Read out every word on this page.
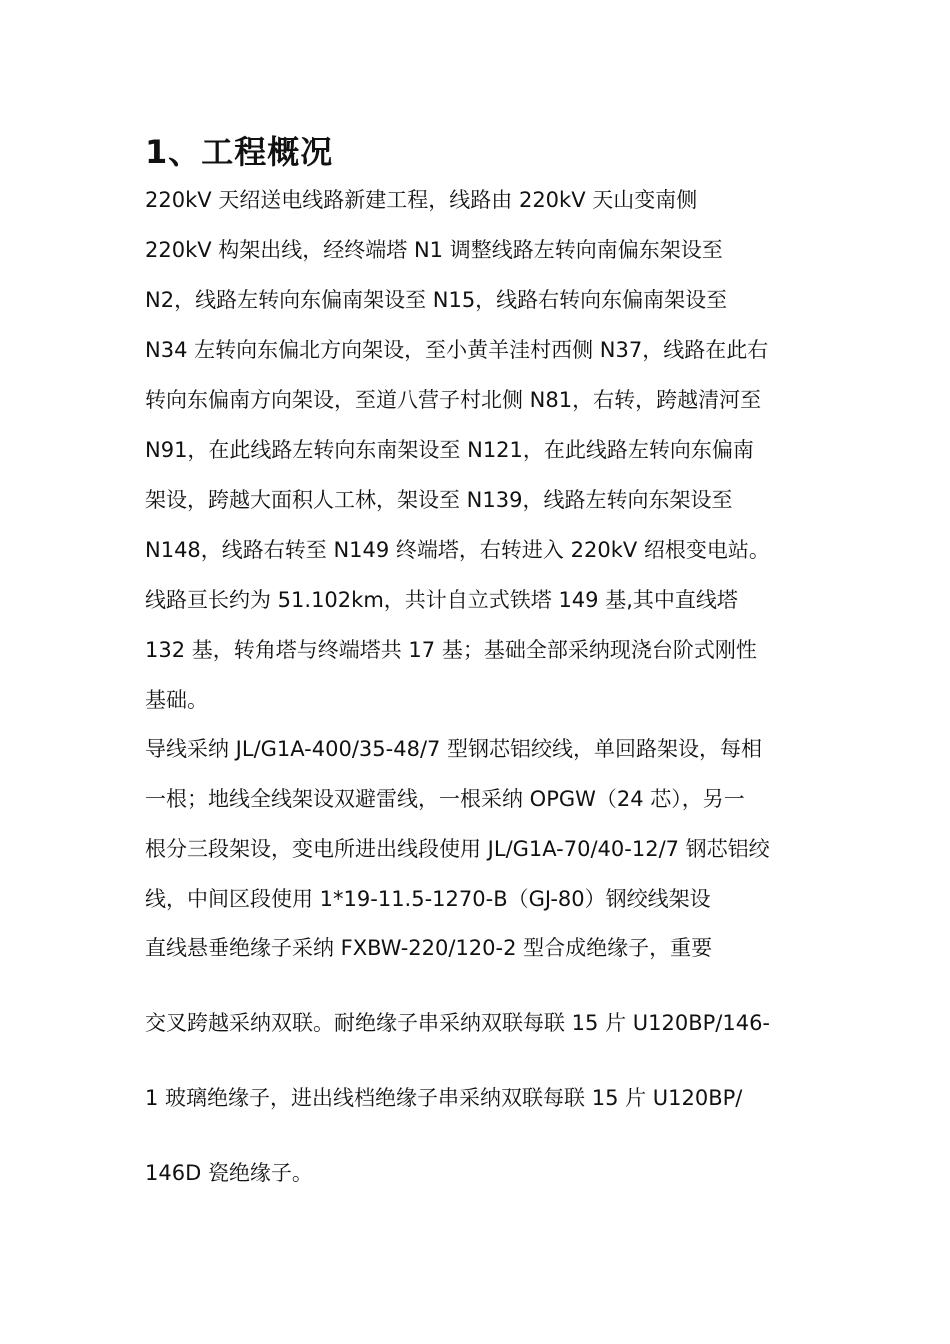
1、工程概况

220kV 天绍送电线路新建工程，线路由 220kV 天山变南侧

220kV 构架出线，经终端塔 N1 调整线路左转向南偏东架设至

N2，线路左转向东偏南架设至 N15，线路右转向东偏南架设至

N34 左转向东偏北方向架设，至小黄羊洼村西侧 N37，线路在此右

转向东偏南方向架设，至道八营子村北侧 N81，右转，跨越清河至

N91，在此线路左转向东南架设至 N121，在此线路左转向东偏南

架设，跨越大面积人工林，架设至 N139，线路左转向东架设至

N148，线路右转至 N149 终端塔，右转进入 220kV 绍根变电站。

线路亘长约为 51.102km，共计自立式铁塔 149 基,其中直线塔

132 基，转角塔与终端塔共 17 基；基础全部采纳现浇台阶式刚性

基础。

导线采纳 JL/G1A-400/35-48/7 型钢芯铝绞线，单回路架设，每相

一根；地线全线架设双避雷线，一根采纳 OPGW（24 芯），另一

根分三段架设，变电所进出线段使用 JL/G1A-70/40-12/7 钢芯铝绞

线，中间区段使用 1*19-11.5-1270-B（GJ-80）钢绞线架设

直线悬垂绝缘子采纳 FXBW-220/120-2 型合成绝缘子，重要

交叉跨越采纳双联。耐绝缘子串采纳双联每联 15 片 U120BP/146-

1 玻璃绝缘子，进出线档绝缘子串采纳双联每联 15 片 U120BP/

146D 瓷绝缘子。
